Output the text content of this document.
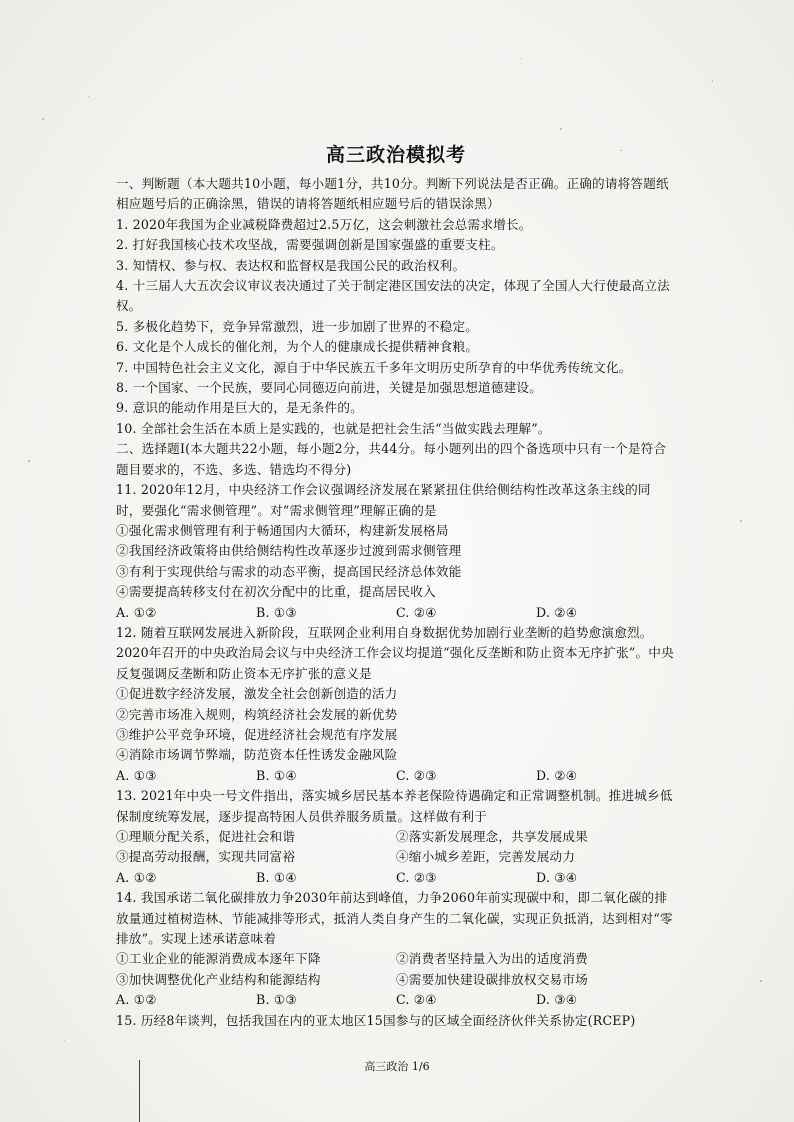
高三政治模拟考
一、判断题（本大题共10小题，每小题1分，共10分。判断下列说法是否正确。正确的请将答题纸相应题号后的正确涂黑，错误的请将答题纸相应题号后的错误涂黑）
1. 2020年我国为企业减税降费超过2.5万亿，这会刺激社会总需求增长。
2. 打好我国核心技术攻坚战，需要强调创新是国家强盛的重要支柱。
3. 知情权、参与权、表达权和监督权是我国公民的政治权利。
4. 十三届人大五次会议审议表决通过了关于制定港区国安法的决定，体现了全国人大行使最高立法权。
5. 多极化趋势下，竞争异常激烈，进一步加剧了世界的不稳定。
6. 文化是个人成长的催化剂，为个人的健康成长提供精神食粮。
7. 中国特色社会主义文化，源自于中华民族五千多年文明历史所孕育的中华优秀传统文化。
8. 一个国家、一个民族，要同心同德迈向前进，关键是加强思想道德建设。
9. 意识的能动作用是巨大的，是无条件的。
10. 全部社会生活在本质上是实践的，也就是把社会生活“当做实践去理解”。
二、选择题Ⅰ(本大题共22小题，每小题2分，共44分。每小题列出的四个备选项中只有一个是符合题目要求的，不选、多选、错选均不得分)
11. 2020年12月，中央经济工作会议强调经济发展在紧紧扭住供给侧结构性改革这条主线的同时，要强化“需求侧管理”。对“需求侧管理”理解正确的是
①强化需求侧管理有利于畅通国内大循环，构建新发展格局
②我国经济政策将由供给侧结构性改革逐步过渡到需求侧管理
③有利于实现供给与需求的动态平衡，提高国民经济总体效能
④需要提高转移支付在初次分配中的比重，提高居民收入
A. ①②	B. ①③	C. ②④	D. ②④
12. 随着互联网发展进入新阶段，互联网企业利用自身数据优势加剧行业垄断的趋势愈演愈烈。2020年召开的中央政治局会议与中央经济工作会议均提道“强化反垄断和防止资本无序扩张”。中央反复强调反垄断和防止资本无序扩张的意义是
①促进数字经济发展，激发全社会创新创造的活力
②完善市场准入规则，构筑经济社会发展的新优势
③维护公平竞争环境，促进经济社会规范有序发展
④消除市场调节弊端，防范资本任性诱发金融风险
A. ①③	B. ①④	C. ②③	D. ②④
13. 2021年中央一号文件指出，落实城乡居民基本养老保险待遇确定和正常调整机制。推进城乡低保制度统筹发展，逐步提高特困人员供养服务质量。这样做有利于
①理顺分配关系，促进社会和谐	②落实新发展理念，共享发展成果
③提高劳动报酬，实现共同富裕	④缩小城乡差距，完善发展动力
A. ①②	B. ①④	C. ②③	D. ③④
14. 我国承诺二氧化碳排放力争2030年前达到峰值，力争2060年前实现碳中和，即二氧化碳的排放量通过植树造林、节能减排等形式，抵消人类自身产生的二氧化碳，实现正负抵消，达到相对“零排放”。实现上述承诺意味着
①工业企业的能源消费成本逐年下降	②消费者坚持量入为出的适度消费
③加快调整优化产业结构和能源结构	④需要加快建设碳排放权交易市场
A. ①②	B. ①③	C. ②④	D. ③④
15. 历经8年谈判，包括我国在内的亚太地区15国参与的区域全面经济伙伴关系协定(RCEP)
高三政治 1/6
